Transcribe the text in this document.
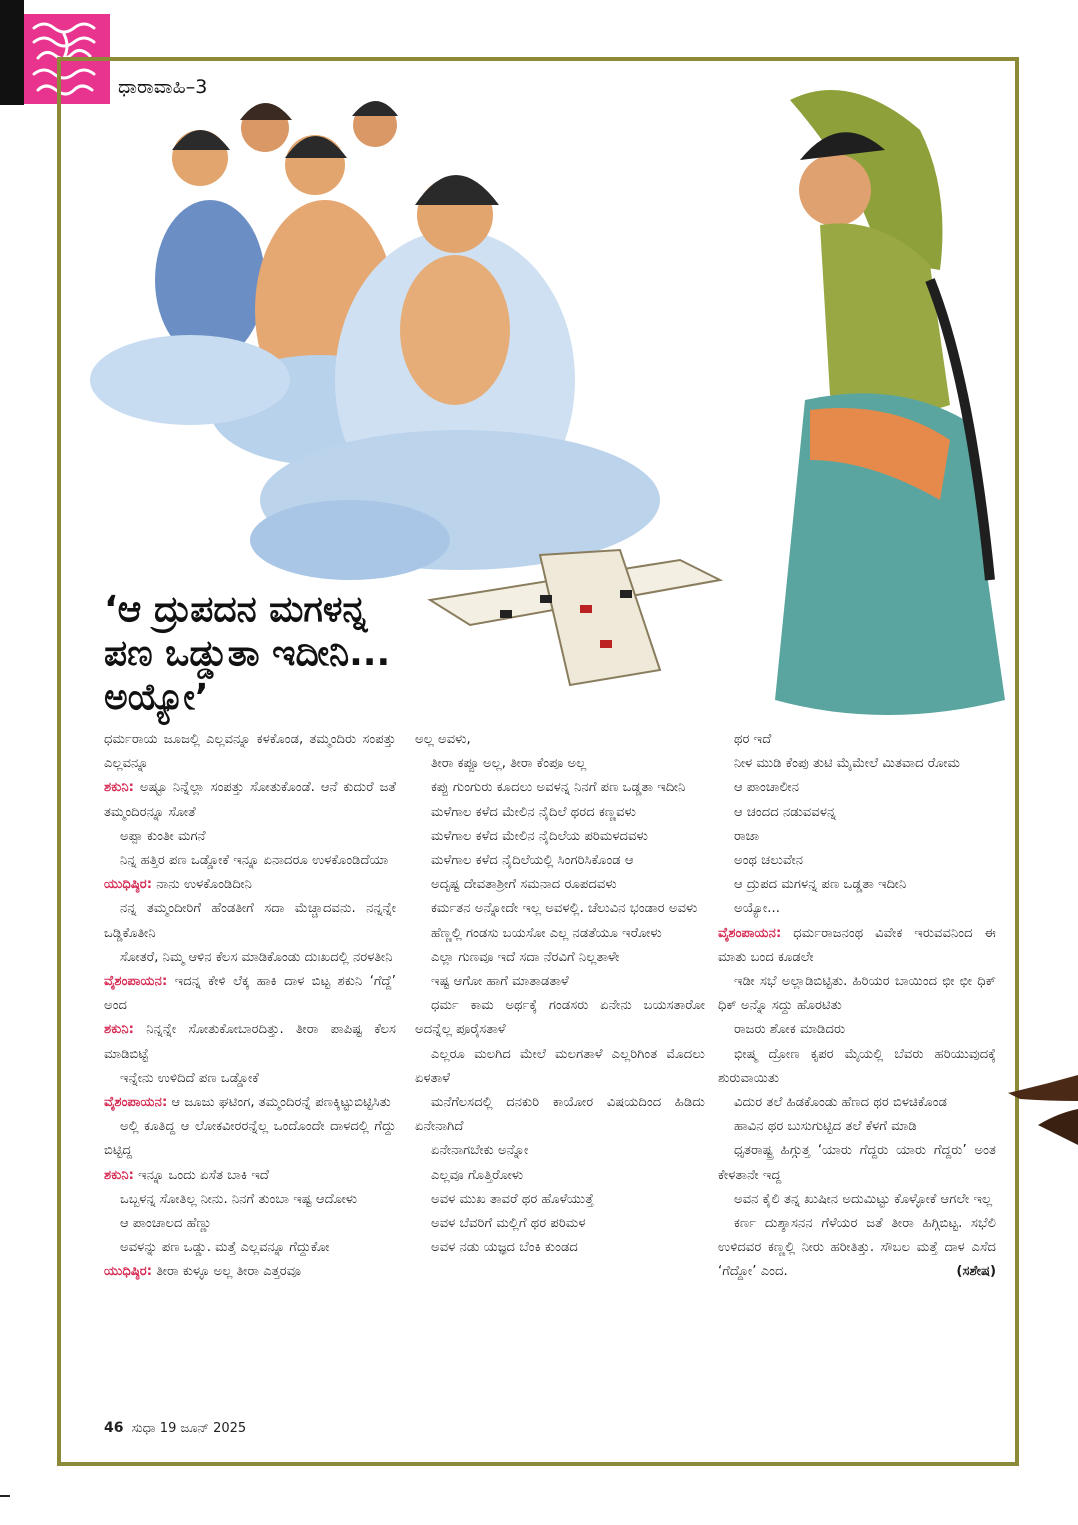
ಧಾರಾವಾಹಿ–3
‘ಆ ದ್ರುಪದನ ಮಗಳನ್ನ
ಪಣ ಒಡ್ಡುತಾ ಇದೀನಿ...
ಅಯ್ಯೋ’

ಧರ್ಮರಾಯ ಜೂಜಲ್ಲಿ ಎಲ್ಲವನ್ನೂ ಕಳಕೊಂಡ, ತಮ್ಮಂದಿರು ಸಂಪತ್ತು ಎಲ್ಲವನ್ನೂ

ಶಕುನಿ: ಅಷ್ಟೂ ನಿನ್ನೆಲ್ಲಾ ಸಂಪತ್ತು ಸೋತುಕೊಂಡೆ. ಆನೆ ಕುದುರೆ ಜತೆ ತಮ್ಮಂದಿರನ್ನೂ ಸೋತೆ

ಅಪ್ಪಾ ಕುಂತೀ ಮಗನೆ

ನಿನ್ನ ಹತ್ತಿರ ಪಣ ಒಡ್ಡೋಕೆ ಇನ್ನೂ ಏನಾದರೂ ಉಳಕೊಂಡಿದೆಯಾ

ಯುಧಿಷ್ಠಿರ: ನಾನು ಉಳಕೊಂಡಿದೀನಿ

ನನ್ನ ತಮ್ಮಂದೀರಿಗೆ ಹೆಂಡತೀಗೆ ಸದಾ ಮೆಚ್ಚಾದವನು. ನನ್ನನ್ನೇ ಒಡ್ಡಿಕೊತೀನಿ

ಸೋತರೆ, ನಿಮ್ಮ ಆಳಿನ ಕೆಲಸ ಮಾಡಿಕೊಂಡು ದುಃಖದಲ್ಲಿ ನರಳತೀನಿ

ವೈಶಂಪಾಯನ: ಇದನ್ನ ಕೇಳಿ ಲೆಕ್ಕ ಹಾಕಿ ದಾಳ ಬಿಟ್ಟ ಶಕುನಿ ‘ಗೆದ್ದೆ’ ಅಂದ

ಶಕುನಿ: ನಿನ್ನನ್ನೇ ಸೋತುಕೋಬಾರದಿತ್ತು. ತೀರಾ ಪಾಪಿಷ್ಟ ಕೆಲಸ ಮಾಡಿಬಿಟ್ಟೆ

ಇನ್ನೇನು ಉಳಿದಿದೆ ಪಣ ಒಡ್ಡೋಕೆ

ವೈಶಂಪಾಯನ: ಆ ಜೂಜು ಘಟಿಂಗ, ತಮ್ಮಂದಿರನ್ನೆ ಪಣಕ್ಕಿಟ್ಟುಬಿಟ್ಟಿಸಿತು

ಅಲ್ಲಿ ಕೂತಿದ್ದ ಆ ಲೋಕವೀರರನ್ನೆಲ್ಲ ಒಂದೊಂದೇ ದಾಳದಲ್ಲಿ ಗೆದ್ದು ಬಿಟ್ಟಿದ್ದ

ಶಕುನಿ: ಇನ್ನೂ ಒಂದು ಏಸೆತ ಬಾಕಿ ಇದೆ

ಒಬ್ಬಳನ್ನ ಸೋತಿಲ್ಲ ನೀನು. ನಿನಗೆ ತುಂಬಾ ಇಷ್ಟ ಆದೋಳು

ಆ ಪಾಂಚಾಲದ ಹೆಣ್ಣು

ಅವಳನ್ನು ಪಣ ಒಡ್ಡು. ಮತ್ತೆ ಎಲ್ಲವನ್ನೂ ಗೆದ್ದುಕೋ

ಯುಧಿಷ್ಠಿರ: ತೀರಾ ಕುಳ್ಳೂ ಅಲ್ಲ ತೀರಾ ಎತ್ತರವೂ

ಅಲ್ಲ ಅವಳು,

ತೀರಾ ಕಪ್ಪೂ ಅಲ್ಲ, ತೀರಾ ಕೆಂಪೂ ಅಲ್ಲ

ಕಪ್ಪು ಗುಂಗುರು ಕೂದಲು ಅವಳನ್ನ ನಿನಗೆ ಪಣ ಒಡ್ಡತಾ ಇದೀನಿ

ಮಳೆಗಾಲ ಕಳೆದ ಮೇಲಿನ ನೈದಿಲೆ ಥರದ ಕಣ್ಣವಳು

ಮಳೆಗಾಲ ಕಳೆದ ಮೇಲಿನ ನೈದಿಲೆಯ ಪರಿಮಳದವಳು

ಮಳೆಗಾಲ ಕಳೆದ ನೈದಿಲೆಯಲ್ಲಿ ಸಿಂಗರಿಸಿಕೊಂಡ ಆ

ಅದೃಷ್ಟ ದೇವತಾಶ್ರೀಗೆ ಸಮನಾದ ರೂಪದವಳು

ಕರ್ಮತನ ಅನ್ನೋದೇ ಇಲ್ಲ ಅವಳಲ್ಲಿ. ಚೆಲುವಿನ ಭಂಡಾರ ಅವಳು

ಹೆಣ್ಣಲ್ಲಿ ಗಂಡಸು ಬಯಸೋ ಎಲ್ಲ ನಡತೆಯೂ ಇರೋಳು

ಎಲ್ಲಾ ಗುಣವೂ ಇದೆ ಸದಾ ನೆರವಿಗೆ ನಿಲ್ಲತಾಳೇ

ಇಷ್ಟ ಆಗೋ ಹಾಗೆ ಮಾತಾಡತಾಳೆ

ಧರ್ಮ ಕಾಮ ಅರ್ಥಕ್ಕೆ ಗಂಡಸರು ಏನೇನು ಬಯಸತಾರೋ ಅದನ್ನೆಲ್ಲ ಪೂರೈಸತಾಳೆ

ಎಲ್ಲರೂ ಮಲಗಿದ ಮೇಲೆ ಮಲಗತಾಳೆ ಎಲ್ಲರಿಗಿಂತ ಮೊದಲು ಏಳತಾಳೆ

ಮನೆಗೆಲಸದಲ್ಲಿ ದನಕುರಿ ಕಾಯೋರ ವಿಷಯದಿಂದ ಹಿಡಿದು ಏನೇನಾಗಿದೆ

ಏನೇನಾಗಬೇಕು ಅನ್ನೋ

ಎಲ್ಲವೂ ಗೊತ್ತಿರೋಳು

ಅವಳ ಮುಖ ತಾವರೆ ಥರ ಹೊಳೆಯುತ್ತೆ

ಅವಳ ಬೆವರಿಗೆ ಮಲ್ಲಿಗೆ ಥರ ಪರಿಮಳ

ಅವಳ ನಡು ಯಜ್ಞದ ಬೆಂಕಿ ಕುಂಡದ

ಥರ ಇದೆ

ನೀಳ ಮುಡಿ ಕೆಂಪು ತುಟಿ ಮೈಮೇಲೆ ಮಿತವಾದ ರೋಮ

ಆ ಪಾಂಚಾಲೀನ

ಆ ಚಂದದ ನಡುವವಳನ್ನ

ರಾಜಾ

ಅಂಥ ಚಲುವೇನ

ಆ ದ್ರುಪದ ಮಗಳನ್ನ ಪಣ ಒಡ್ಡತಾ ಇದೀನಿ

ಅಯ್ಯೋ...

ವೈಶಂಪಾಯನ: ಧರ್ಮರಾಜನಂಥ ವಿವೇಕ ಇರುವವನಿಂದ ಈ ಮಾತು ಬಂದ ಕೂಡಲೇ

ಇಡೀ ಸಭೆ ಅಲ್ಲಾಡಿಬಿಟ್ಟಿತು. ಹಿರಿಯರ ಬಾಯಿಂದ ಛೀ ಛೀ ಧಿಕ್ ಧಿಕ್ ಅನ್ನೊ ಸದ್ದು ಹೊರಟಿತು

ರಾಜರು ಶೋಕ ಮಾಡಿದರು

ಭೀಷ್ಮ ದ್ರೋಣ ಕೃಪರ ಮೈಯಲ್ಲಿ ಬೆವರು ಹರಿಯುವುದಕ್ಕೆ ಶುರುವಾಯಿತು

ವಿದುರ ತಲೆ ಹಿಡಕೊಂಡು ಹೆಣದ ಥರ ಬಿಳಚಿಕೊಂಡ

ಹಾವಿನ ಥರ ಬುಸುಗುಟ್ಟಿದ ತಲೆ ಕೆಳಗೆ ಮಾಡಿ

ಧೃತರಾಷ್ಟ್ರ ಹಿಗ್ಗುತ್ತ ‘ಯಾರು ಗೆದ್ದರು ಯಾರು ಗೆದ್ದರು’ ಅಂತ ಕೇಳತಾನೇ ಇದ್ದ

ಅವನ ಕೈಲಿ ತನ್ನ ಖುಷೀನ ಅದುಮಿಟ್ಟು ಕೊಳ್ಳೋಕೆ ಆಗಲೇ ಇಲ್ಲ

ಕರ್ಣ ದುಶ್ಶಾಸನನ ಗೆಳೆಯರ ಜತೆ ತೀರಾ ಹಿಗ್ಗಿಬಿಟ್ಟ. ಸಭೆಲಿ ಉಳಿದವರ ಕಣ್ಣಲ್ಲಿ ನೀರು ಹರೀತಿತ್ತು. ಸೌಬಲ ಮತ್ತೆ ದಾಳ ಎಸೆದ ‘ಗೆದ್ದೋ’ ಎಂದ.	(ಸಶೇಷ)

46 ಸುಧಾ 19 ಜೂನ್ 2025
